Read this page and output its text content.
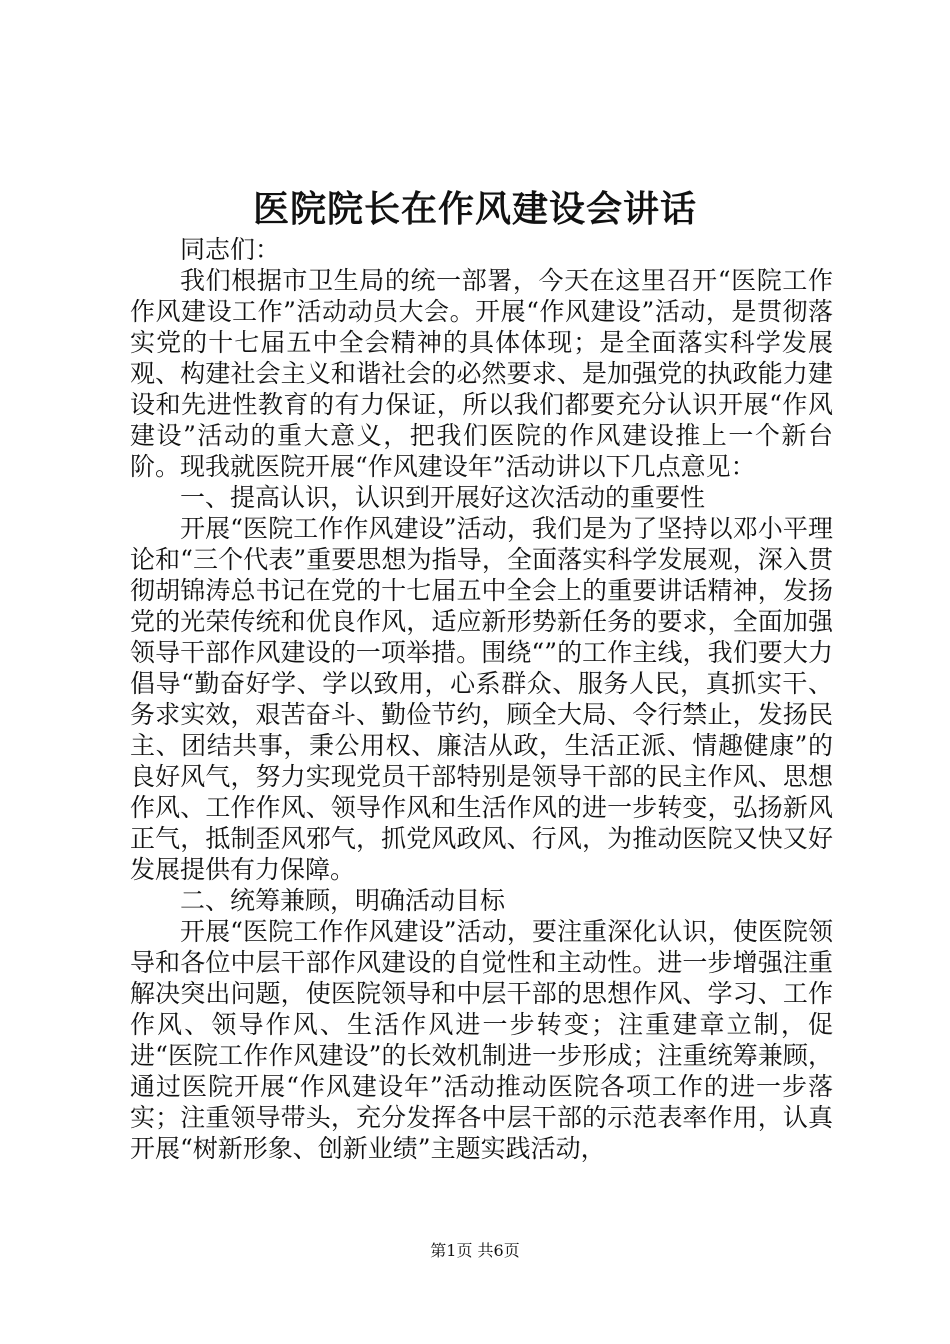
医院院长在作风建设会讲话

同志们：

我们根据市卫生局的统一部署，今天在这里召开“医院工作作风建设工作”活动动员大会。开展“作风建设”活动，是贯彻落实党的十七届五中全会精神的具体体现；是全面落实科学发展观、构建社会主义和谐社会的必然要求、是加强党的执政能力建设和先进性教育的有力保证，所以我们都要充分认识开展“作风建设”活动的重大意义，把我们医院的作风建设推上一个新台阶。现我就医院开展“作风建设年”活动讲以下几点意见：

一、提高认识，认识到开展好这次活动的重要性

开展“医院工作作风建设”活动，我们是为了坚持以邓小平理论和“三个代表”重要思想为指导，全面落实科学发展观，深入贯彻胡锦涛总书记在党的十七届五中全会上的重要讲话精神，发扬党的光荣传统和优良作风，适应新形势新任务的要求，全面加强领导干部作风建设的一项举措。围绕“”的工作主线，我们要大力倡导“勤奋好学、学以致用，心系群众、服务人民，真抓实干、务求实效，艰苦奋斗、勤俭节约，顾全大局、令行禁止，发扬民主、团结共事，秉公用权、廉洁从政，生活正派、情趣健康”的良好风气，努力实现党员干部特别是领导干部的民主作风、思想作风、工作作风、领导作风和生活作风的进一步转变，弘扬新风正气，抵制歪风邪气，抓党风政风、行风，为推动医院又快又好发展提供有力保障。

二、统筹兼顾，明确活动目标

开展“医院工作作风建设”活动，要注重深化认识，使医院领导和各位中层干部作风建设的自觉性和主动性。进一步增强注重解决突出问题，使医院领导和中层干部的思想作风、学习、工作作风、领导作风、生活作风进一步转变；注重建章立制，促进“医院工作作风建设”的长效机制进一步形成；注重统筹兼顾，通过医院开展“作风建设年”活动推动医院各项工作的进一步落实；注重领导带头，充分发挥各中层干部的示范表率作用，认真开展“树新形象、创新业绩”主题实践活动，

第1页 共6页
